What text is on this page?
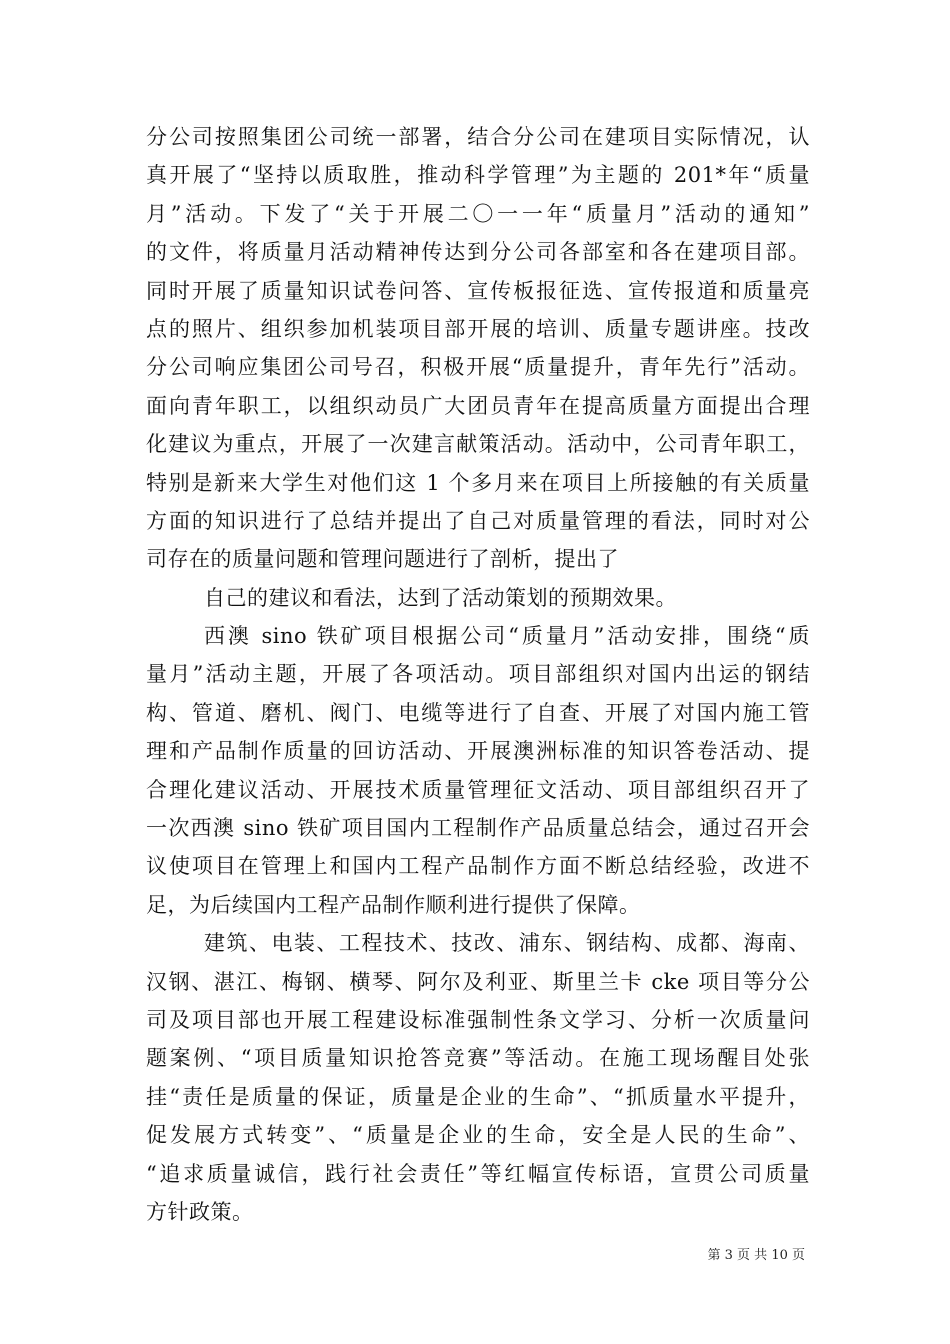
分公司按照集团公司统一部署，结合分公司在建项目实际情况，认
真开展了“坚持以质取胜，推动科学管理”为主题的 201*年“质量
月”活动。下发了“关于开展二〇一一年“质量月”活动的通知”
的文件，将质量月活动精神传达到分公司各部室和各在建项目部。
同时开展了质量知识试卷问答、宣传板报征选、宣传报道和质量亮
点的照片、组织参加机装项目部开展的培训、质量专题讲座。技改
分公司响应集团公司号召，积极开展“质量提升，青年先行”活动。
面向青年职工，以组织动员广大团员青年在提高质量方面提出合理
化建议为重点，开展了一次建言献策活动。活动中，公司青年职工，
特别是新来大学生对他们这 1 个多月来在项目上所接触的有关质量
方面的知识进行了总结并提出了自己对质量管理的看法，同时对公
司存在的质量问题和管理问题进行了剖析，提出了
自己的建议和看法，达到了活动策划的预期效果。
西澳 sino 铁矿项目根据公司“质量月”活动安排，围绕“质
量月”活动主题，开展了各项活动。项目部组织对国内出运的钢结
构、管道、磨机、阀门、电缆等进行了自查、开展了对国内施工管
理和产品制作质量的回访活动、开展澳洲标准的知识答卷活动、提
合理化建议活动、开展技术质量管理征文活动、项目部组织召开了
一次西澳 sino 铁矿项目国内工程制作产品质量总结会，通过召开会
议使项目在管理上和国内工程产品制作方面不断总结经验，改进不
足，为后续国内工程产品制作顺利进行提供了保障。
建筑、电装、工程技术、技改、浦东、钢结构、成都、海南、
汉钢、湛江、梅钢、横琴、阿尔及利亚、斯里兰卡 cke 项目等分公
司及项目部也开展工程建设标准强制性条文学习、分析一次质量问
题案例、“项目质量知识抢答竞赛”等活动。在施工现场醒目处张
挂“责任是质量的保证，质量是企业的生命”、“抓质量水平提升，
促发展方式转变”、“质量是企业的生命，安全是人民的生命”、
“追求质量诚信，践行社会责任”等红幅宣传标语，宣贯公司质量
方针政策。
第 3 页 共 10 页
